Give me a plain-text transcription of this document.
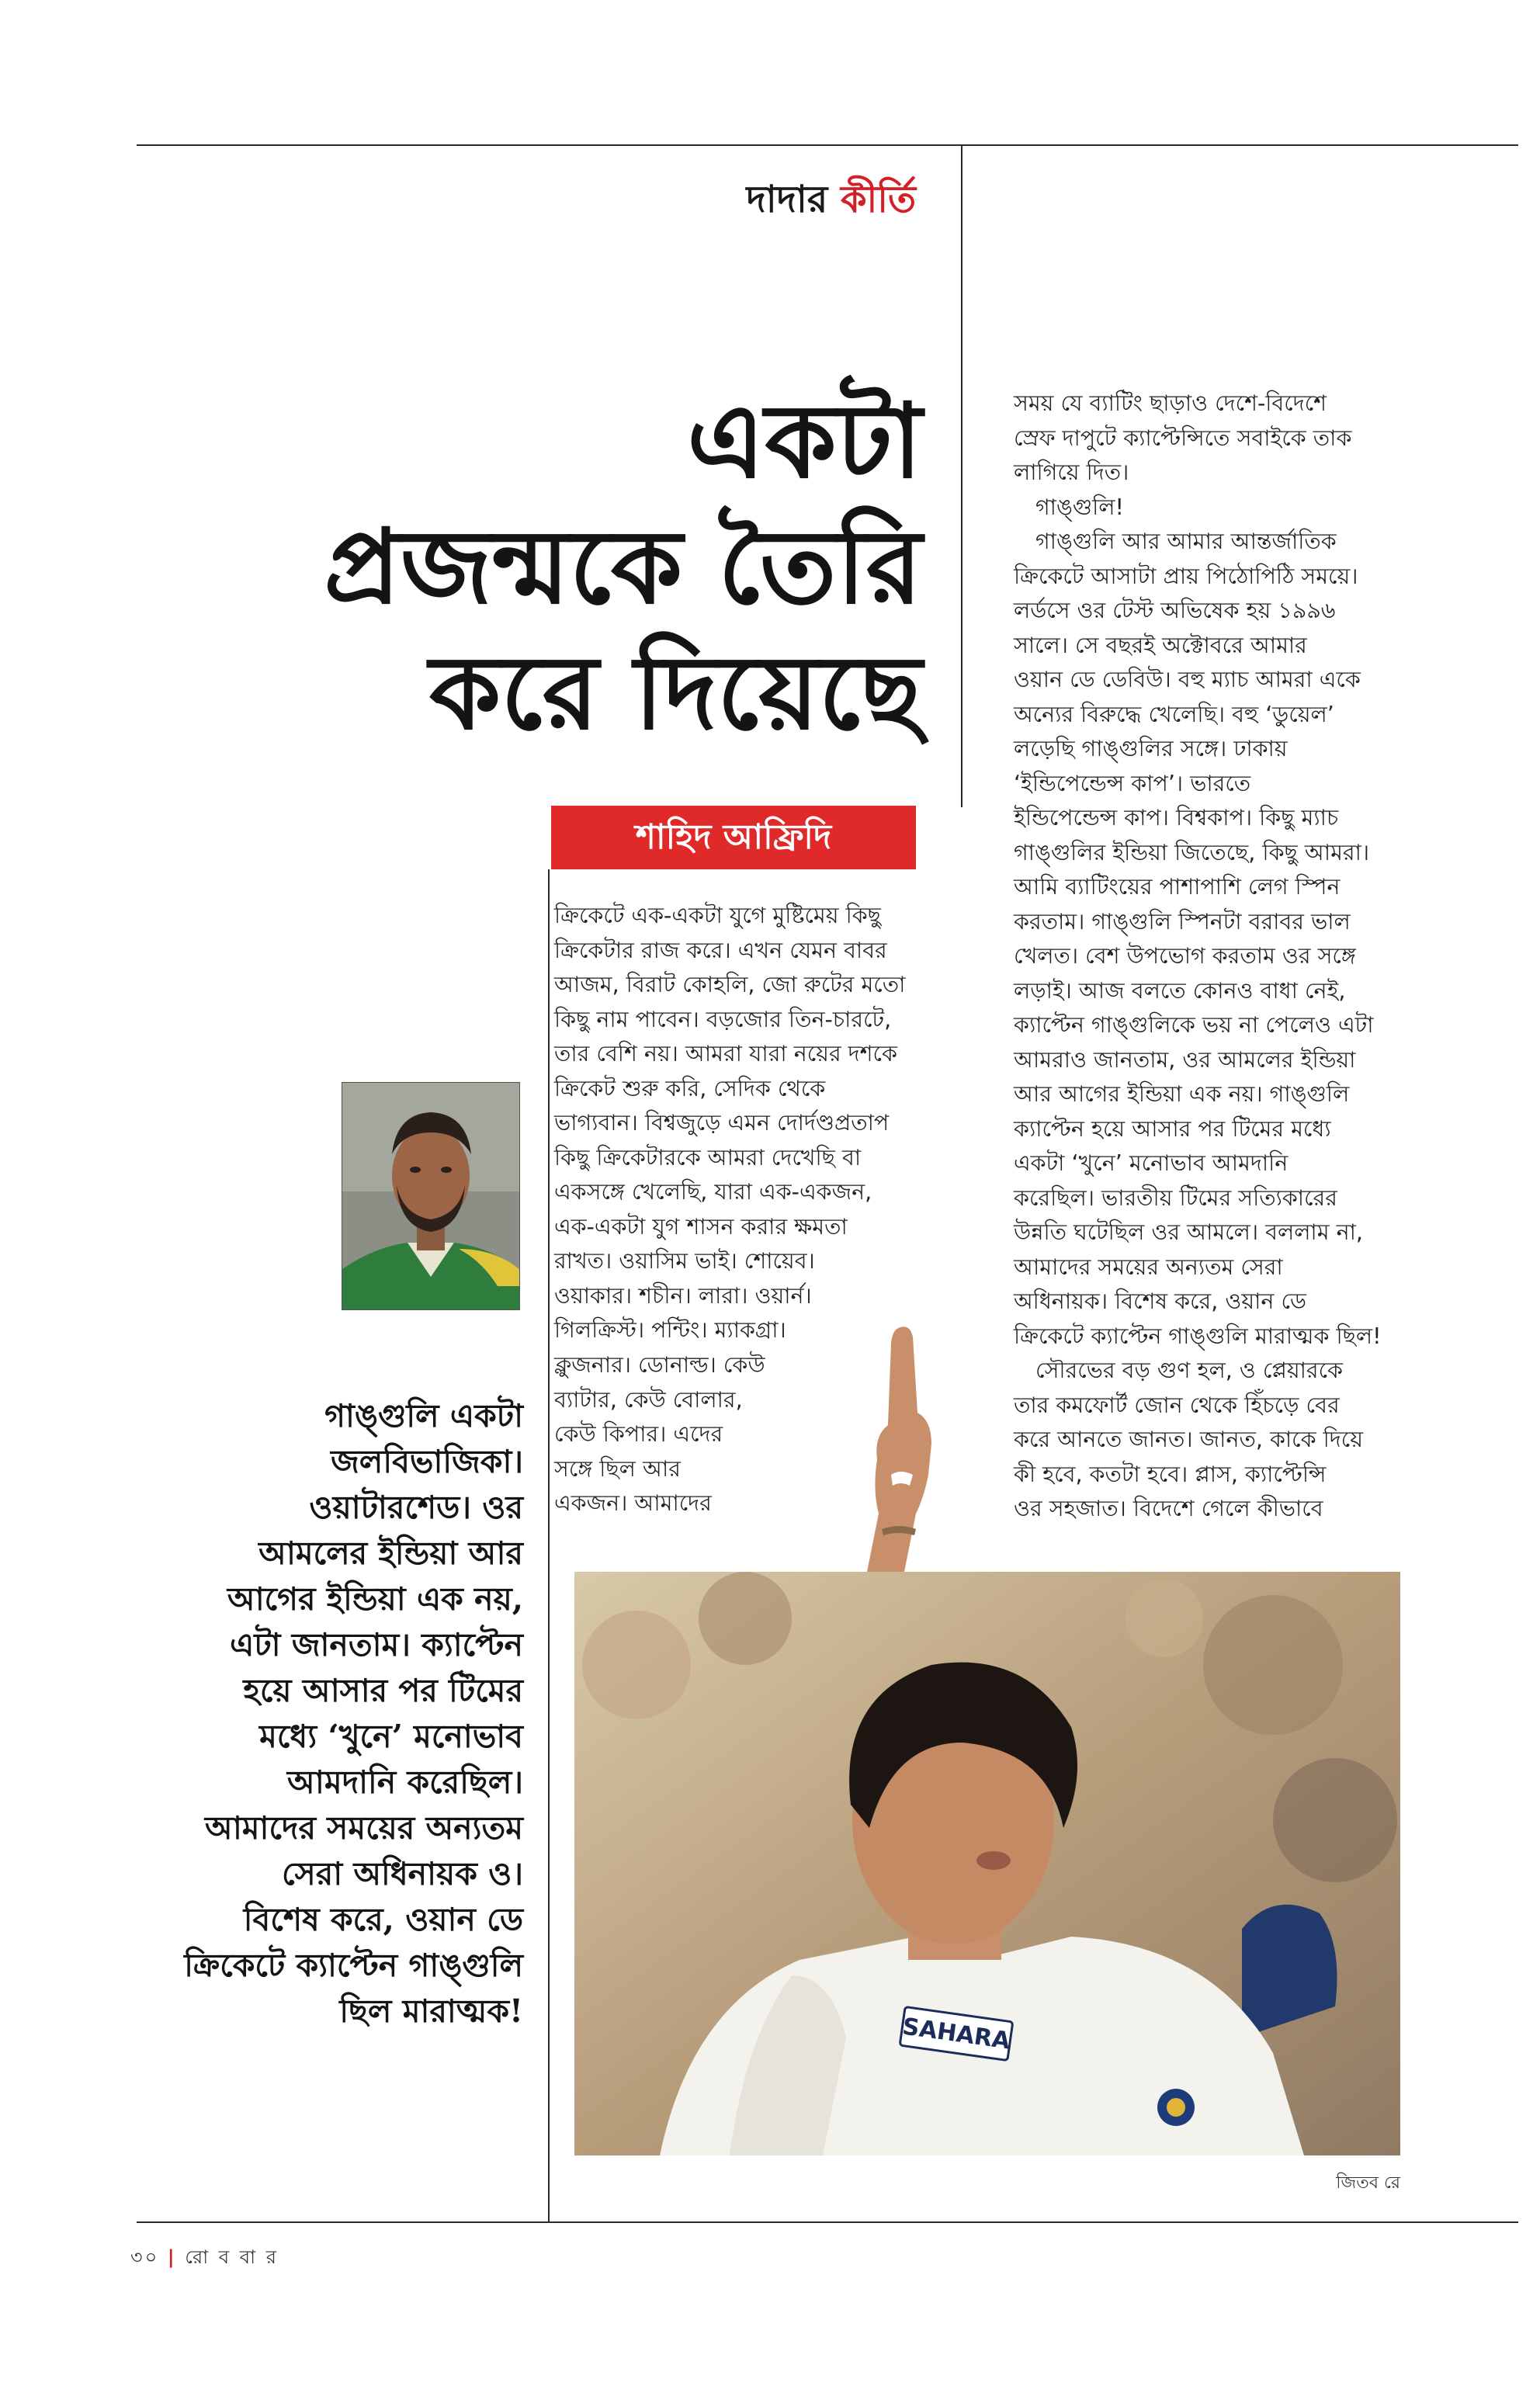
দাদার কীর্তি
একটা
প্রজন্মকে তৈরি
করে দিয়েছে
শাহিদ আফ্রিদি
ক্রিকেটে এক-একটা যুগে মুষ্টিমেয় কিছু
ক্রিকেটার রাজ করে। এখন যেমন বাবর
আজম, বিরাট কোহলি, জো রুটের মতো
কিছু নাম পাবেন। বড়জোর তিন-চারটে,
তার বেশি নয়। আমরা যারা নয়ের দশকে
ক্রিকেট শুরু করি, সেদিক থেকে
ভাগ্যবান। বিশ্বজুড়ে এমন দোর্দণ্ডপ্রতাপ
কিছু ক্রিকেটারকে আমরা দেখেছি বা
একসঙ্গে খেলেছি, যারা এক-একজন,
এক-একটা যুগ শাসন করার ক্ষমতা
রাখত। ওয়াসিম ভাই। শোয়েব।
ওয়াকার। শচীন। লারা। ওয়ার্ন।
গিলক্রিস্ট। পন্টিং। ম্যাকগ্রা।
ক্লুজনার। ডোনাল্ড। কেউ
ব্যাটার, কেউ বোলার,
কেউ কিপার। এদের
সঙ্গে ছিল আর
একজন। আমাদের
সময় যে ব্যাটিং ছাড়াও দেশে-বিদেশে
স্রেফ দাপুটে ক্যাপ্টেন্সিতে সবাইকে তাক
লাগিয়ে দিত।
গাঙ্গুলি!
গাঙ্গুলি আর আমার আন্তর্জাতিক
ক্রিকেটে আসাটা প্রায় পিঠোপিঠি সময়ে।
লর্ডসে ওর টেস্ট অভিষেক হয় ১৯৯৬
সালে। সে বছরই অক্টোবরে আমার
ওয়ান ডে ডেবিউ। বহু ম্যাচ আমরা একে
অন্যের বিরুদ্ধে খেলেছি। বহু ‘ডুয়েল’
লড়েছি গাঙ্গুলির সঙ্গে। ঢাকায়
‘ইন্ডিপেন্ডেন্স কাপ’। ভারতে
ইন্ডিপেন্ডেন্স কাপ। বিশ্বকাপ। কিছু ম্যাচ
গাঙ্গুলির ইন্ডিয়া জিতেছে, কিছু আমরা।
আমি ব্যাটিংয়ের পাশাপাশি লেগ স্পিন
করতাম। গাঙ্গুলি স্পিনটা বরাবর ভাল
খেলত। বেশ উপভোগ করতাম ওর সঙ্গে
লড়াই। আজ বলতে কোনও বাধা নেই,
ক্যাপ্টেন গাঙ্গুলিকে ভয় না পেলেও এটা
আমরাও জানতাম, ওর আমলের ইন্ডিয়া
আর আগের ইন্ডিয়া এক নয়। গাঙ্গুলি
ক্যাপ্টেন হয়ে আসার পর টিমের মধ্যে
একটা ‘খুনে’ মনোভাব আমদানি
করেছিল। ভারতীয় টিমের সত্যিকারের
উন্নতি ঘটেছিল ওর আমলে। বললাম না,
আমাদের সময়ের অন্যতম সেরা
অধিনায়ক। বিশেষ করে, ওয়ান ডে
ক্রিকেটে ক্যাপ্টেন গাঙ্গুলি মারাত্মক ছিল!
সৌরভের বড় গুণ হল, ও প্লেয়ারকে
তার কমফোর্ট জোন থেকে হিঁচড়ে বের
করে আনতে জানত। জানত, কাকে দিয়ে
কী হবে, কতটা হবে। প্লাস, ক্যাপ্টেন্সি
ওর সহজাত। বিদেশে গেলে কীভাবে
গাঙ্গুলি একটা
জলবিভাজিকা।
ওয়াটারশেড। ওর
আমলের ইন্ডিয়া আর
আগের ইন্ডিয়া এক নয়,
এটা জানতাম। ক্যাপ্টেন
হয়ে আসার পর টিমের
মধ্যে ‘খুনে’ মনোভাব
আমদানি করেছিল।
আমাদের সময়ের অন্যতম
সেরা অধিনায়ক ও।
বিশেষ করে, ওয়ান ডে
ক্রিকেটে ক্যাপ্টেন গাঙ্গুলি
ছিল মারাত্মক!
SAHARA
জিতব রে
৩০ | রো ব বা র
